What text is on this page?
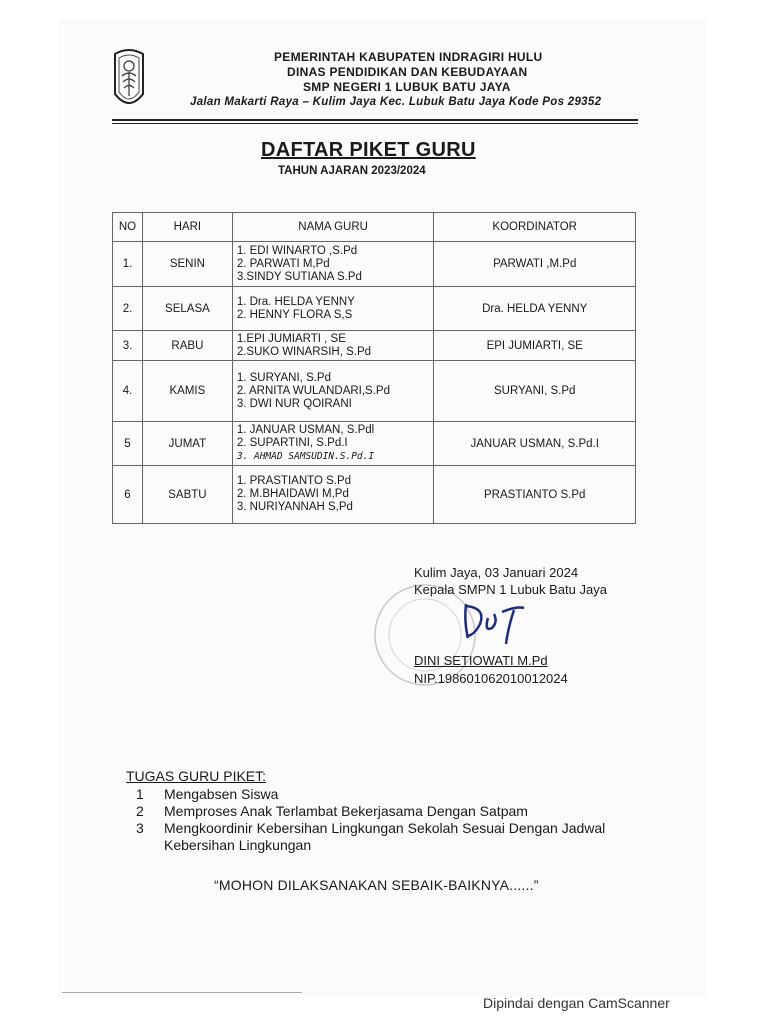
PEMERINTAH KABUPATEN INDRAGIRI HULU
DINAS PENDIDIKAN DAN KEBUDAYAAN
SMP NEGERI 1 LUBUK BATU JAYA
Jalan Makarti Raya – Kulim Jaya Kec. Lubuk Batu Jaya Kode Pos 29352
DAFTAR PIKET GURU
TAHUN AJARAN 2023/2024
NO	HARI	NAMA GURU	KOORDINATOR
1.	SENIN	1. EDI WINARTO ,S.Pd
2. PARWATI M,Pd
3.SINDY SUTIANA S.Pd	PARWATI ,M.Pd
2.	SELASA	1. Dra. HELDA YENNY
2. HENNY FLORA S,S	Dra. HELDA YENNY
3.	RABU	1.EPI JUMIARTI , SE
2.SUKO WINARSIH, S.Pd	EPI JUMIARTI, SE
4.	KAMIS	1. SURYANI, S.Pd
2. ARNITA WULANDARI,S.Pd
3. DWI NUR QOIRANI	SURYANI, S.Pd
5	JUMAT	1. JANUAR USMAN, S.Pdl
2. SUPARTINI, S.Pd.I
3. AHMAD SAMSUDIN.S.Pd.I	JANUAR USMAN, S.Pd.I
6	SABTU	1. PRASTIANTO S.Pd
2. M.BHAIDAWI M,Pd
3. NURIYANNAH S,Pd	PRASTIANTO S.Pd
Kulim Jaya, 03 Januari 2024
Kepala SMPN 1 Lubuk Batu Jaya
DINI SETIOWATI M.Pd
NIP.198601062010012024
TUGAS GURU PIKET:
1	Mengabsen Siswa
2	Memproses Anak Terlambat Bekerjasama Dengan Satpam
3	Mengkoordinir Kebersihan Lingkungan Sekolah Sesuai Dengan Jadwal Kebersihan Lingkungan
“MOHON DILAKSANAKAN SEBAIK-BAIKNYA......”
Dipindai dengan CamScanner
